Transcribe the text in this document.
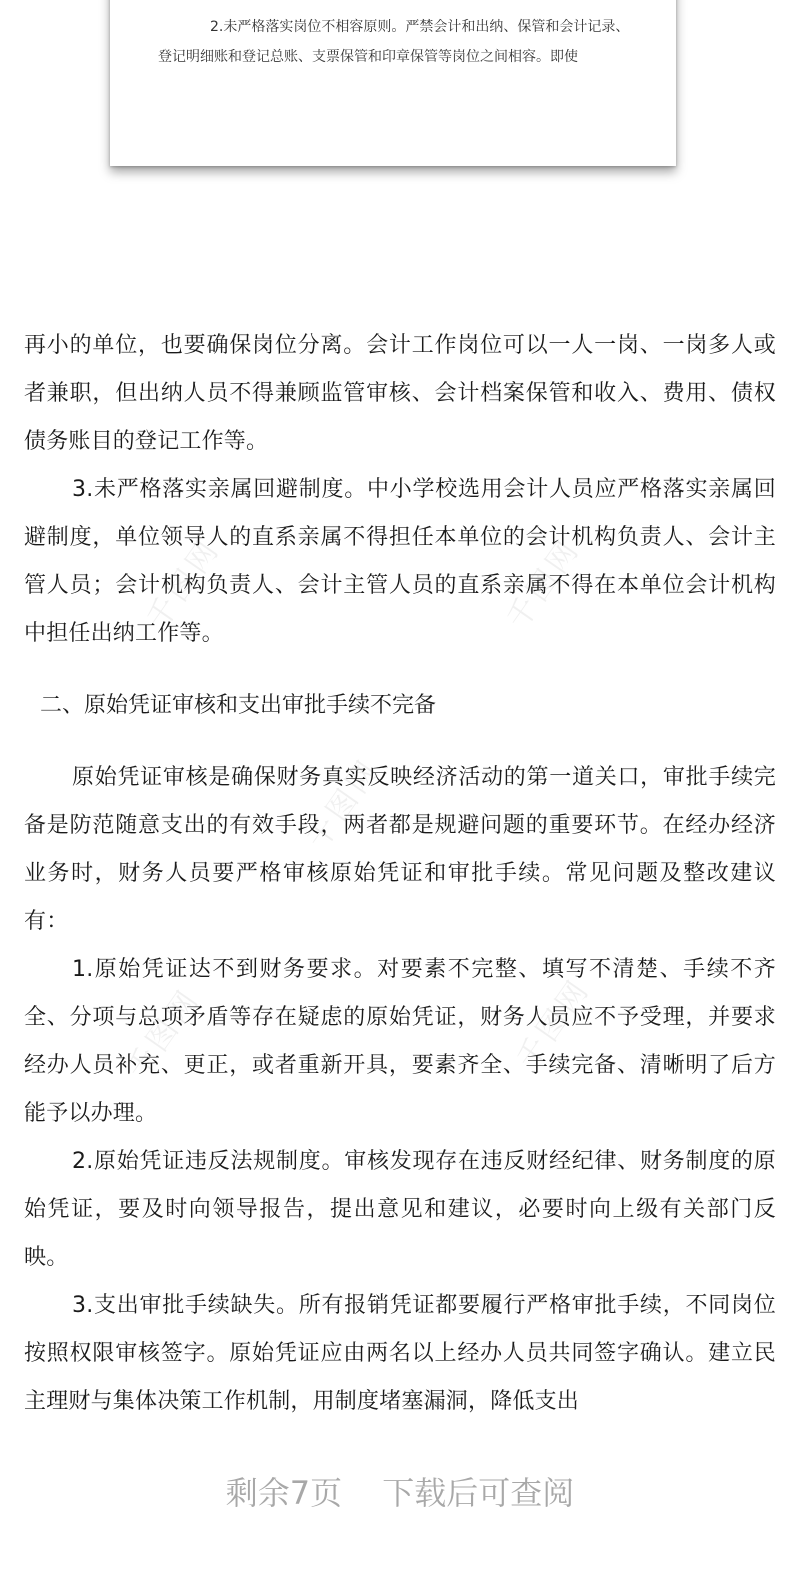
2.未严格落实岗位不相容原则。严禁会计和出纳、保管和会计记录、

登记明细账和登记总账、支票保管和印章保管等岗位之间相容。即使

千图网	千图网
千图网
千图网	千图网

再小的单位，也要确保岗位分离。会计工作岗位可以一人一岗、一岗多人或者兼职，但出纳人员不得兼顾监管审核、会计档案保管和收入、费用、债权债务账目的登记工作等。

3.未严格落实亲属回避制度。中小学校选用会计人员应严格落实亲属回避制度，单位领导人的直系亲属不得担任本单位的会计机构负责人、会计主管人员；会计机构负责人、会计主管人员的直系亲属不得在本单位会计机构中担任出纳工作等。

二、原始凭证审核和支出审批手续不完备

原始凭证审核是确保财务真实反映经济活动的第一道关口，审批手续完备是防范随意支出的有效手段，两者都是规避问题的重要环节。在经办经济业务时，财务人员要严格审核原始凭证和审批手续。常见问题及整改建议有：

1.原始凭证达不到财务要求。对要素不完整、填写不清楚、手续不齐全、分项与总项矛盾等存在疑虑的原始凭证，财务人员应不予受理，并要求经办人员补充、更正，或者重新开具，要素齐全、手续完备、清晰明了后方能予以办理。

2.原始凭证违反法规制度。审核发现存在违反财经纪律、财务制度的原始凭证，要及时向领导报告，提出意见和建议，必要时向上级有关部门反映。

3.支出审批手续缺失。所有报销凭证都要履行严格审批手续，不同岗位按照权限审核签字。原始凭证应由两名以上经办人员共同签字确认。建立民主理财与集体决策工作机制，用制度堵塞漏洞，降低支出

剩余7页 下载后可查阅
